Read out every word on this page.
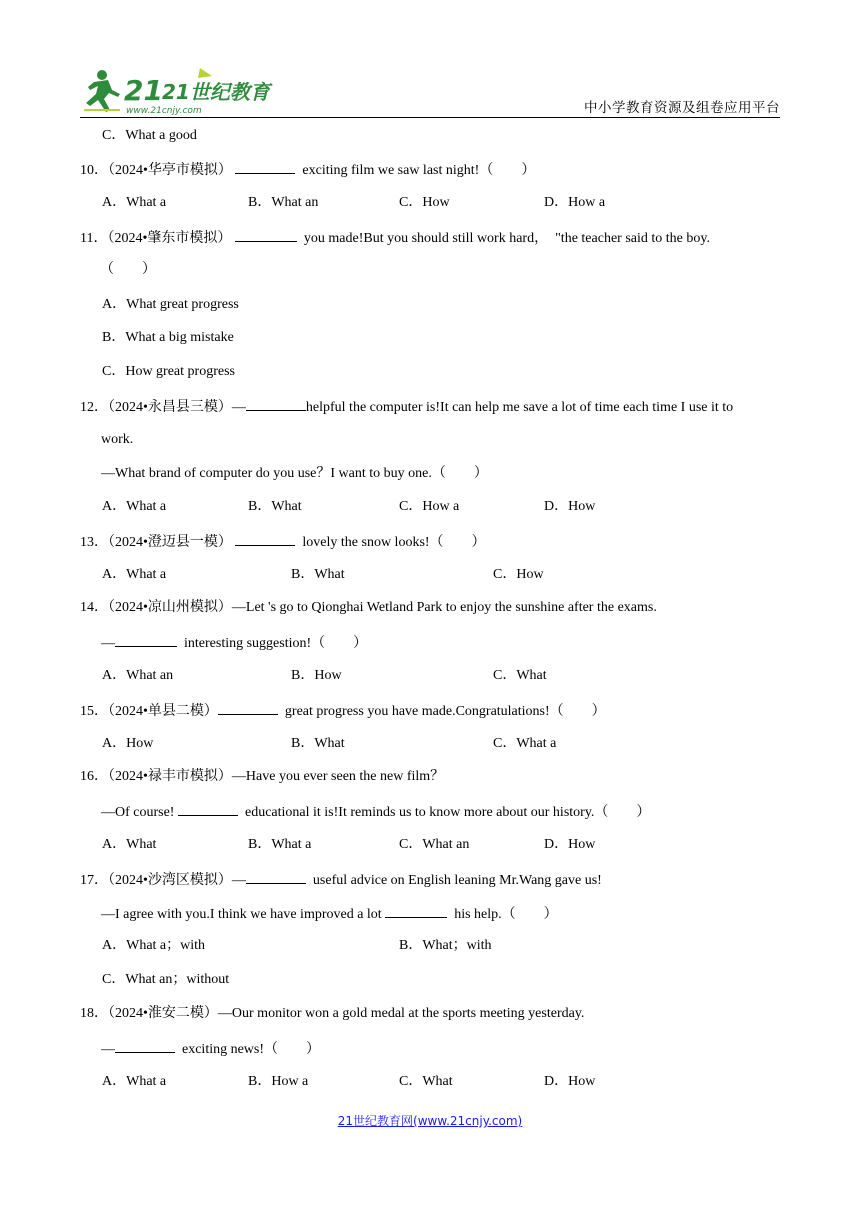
21 21世纪教育
www.21cnjy.com	中小学教育资源及组卷应用平台
C．What a good
10．（2024•华亭市模拟）	exciting film we saw last night!（　　）
A．What a	B．What an	C．How	D．How a
11．（2024•肇东市模拟）	you made!But you should still work hard，　"the teacher said to the boy.
（　　）
A．What great progress
B．What a big mistake
C．How great progress
12．（2024•永昌县三模）—	helpful the computer is!It can help me save a lot of time each time I use it to
work.
—What brand of computer do you use？I want to buy one.（　　）
A．What a	B．What	C．How a	D．How
13．（2024•澄迈县一模）	lovely the snow looks!（　　）
A．What a	B．What	C．How
14．（2024•凉山州模拟）—Let 's go to Qionghai Wetland Park to enjoy the sunshine after the exams.
—	interesting suggestion!（　　）
A．What an	B．How	C．What
15．（2024•单县二模）	great progress you have made.Congratulations!（　　）
A．How	B．What	C．What a
16．（2024•禄丰市模拟）—Have you ever seen the new film？
—Of course!	educational it is!It reminds us to know more about our history.（　　）
A．What	B．What a	C．What an	D．How
17．（2024•沙湾区模拟）—	useful advice on English leaning Mr.Wang gave us!
—I agree with you.I think we have improved a lot	his help.（　　）
A．What a；with	B．What；with
C．What an；without
18．（2024•淮安二模）—Our monitor won a gold medal at the sports meeting yesterday.
—	exciting news!（　　）
A．What a	B．How a	C．What	D．How
21世纪教育网(www.21cnjy.com)
